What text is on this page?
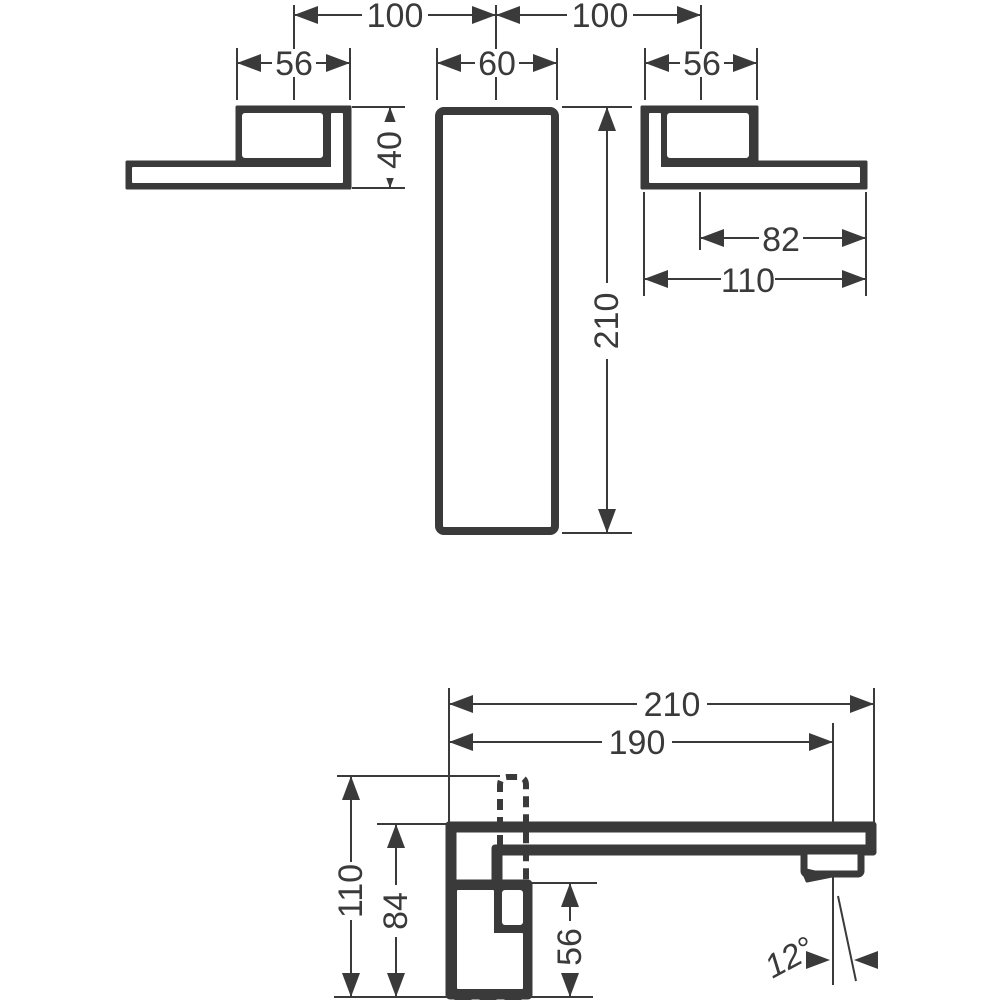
100	100
56	60	56
40
210
82
110
210
190
110 84
56	12°
